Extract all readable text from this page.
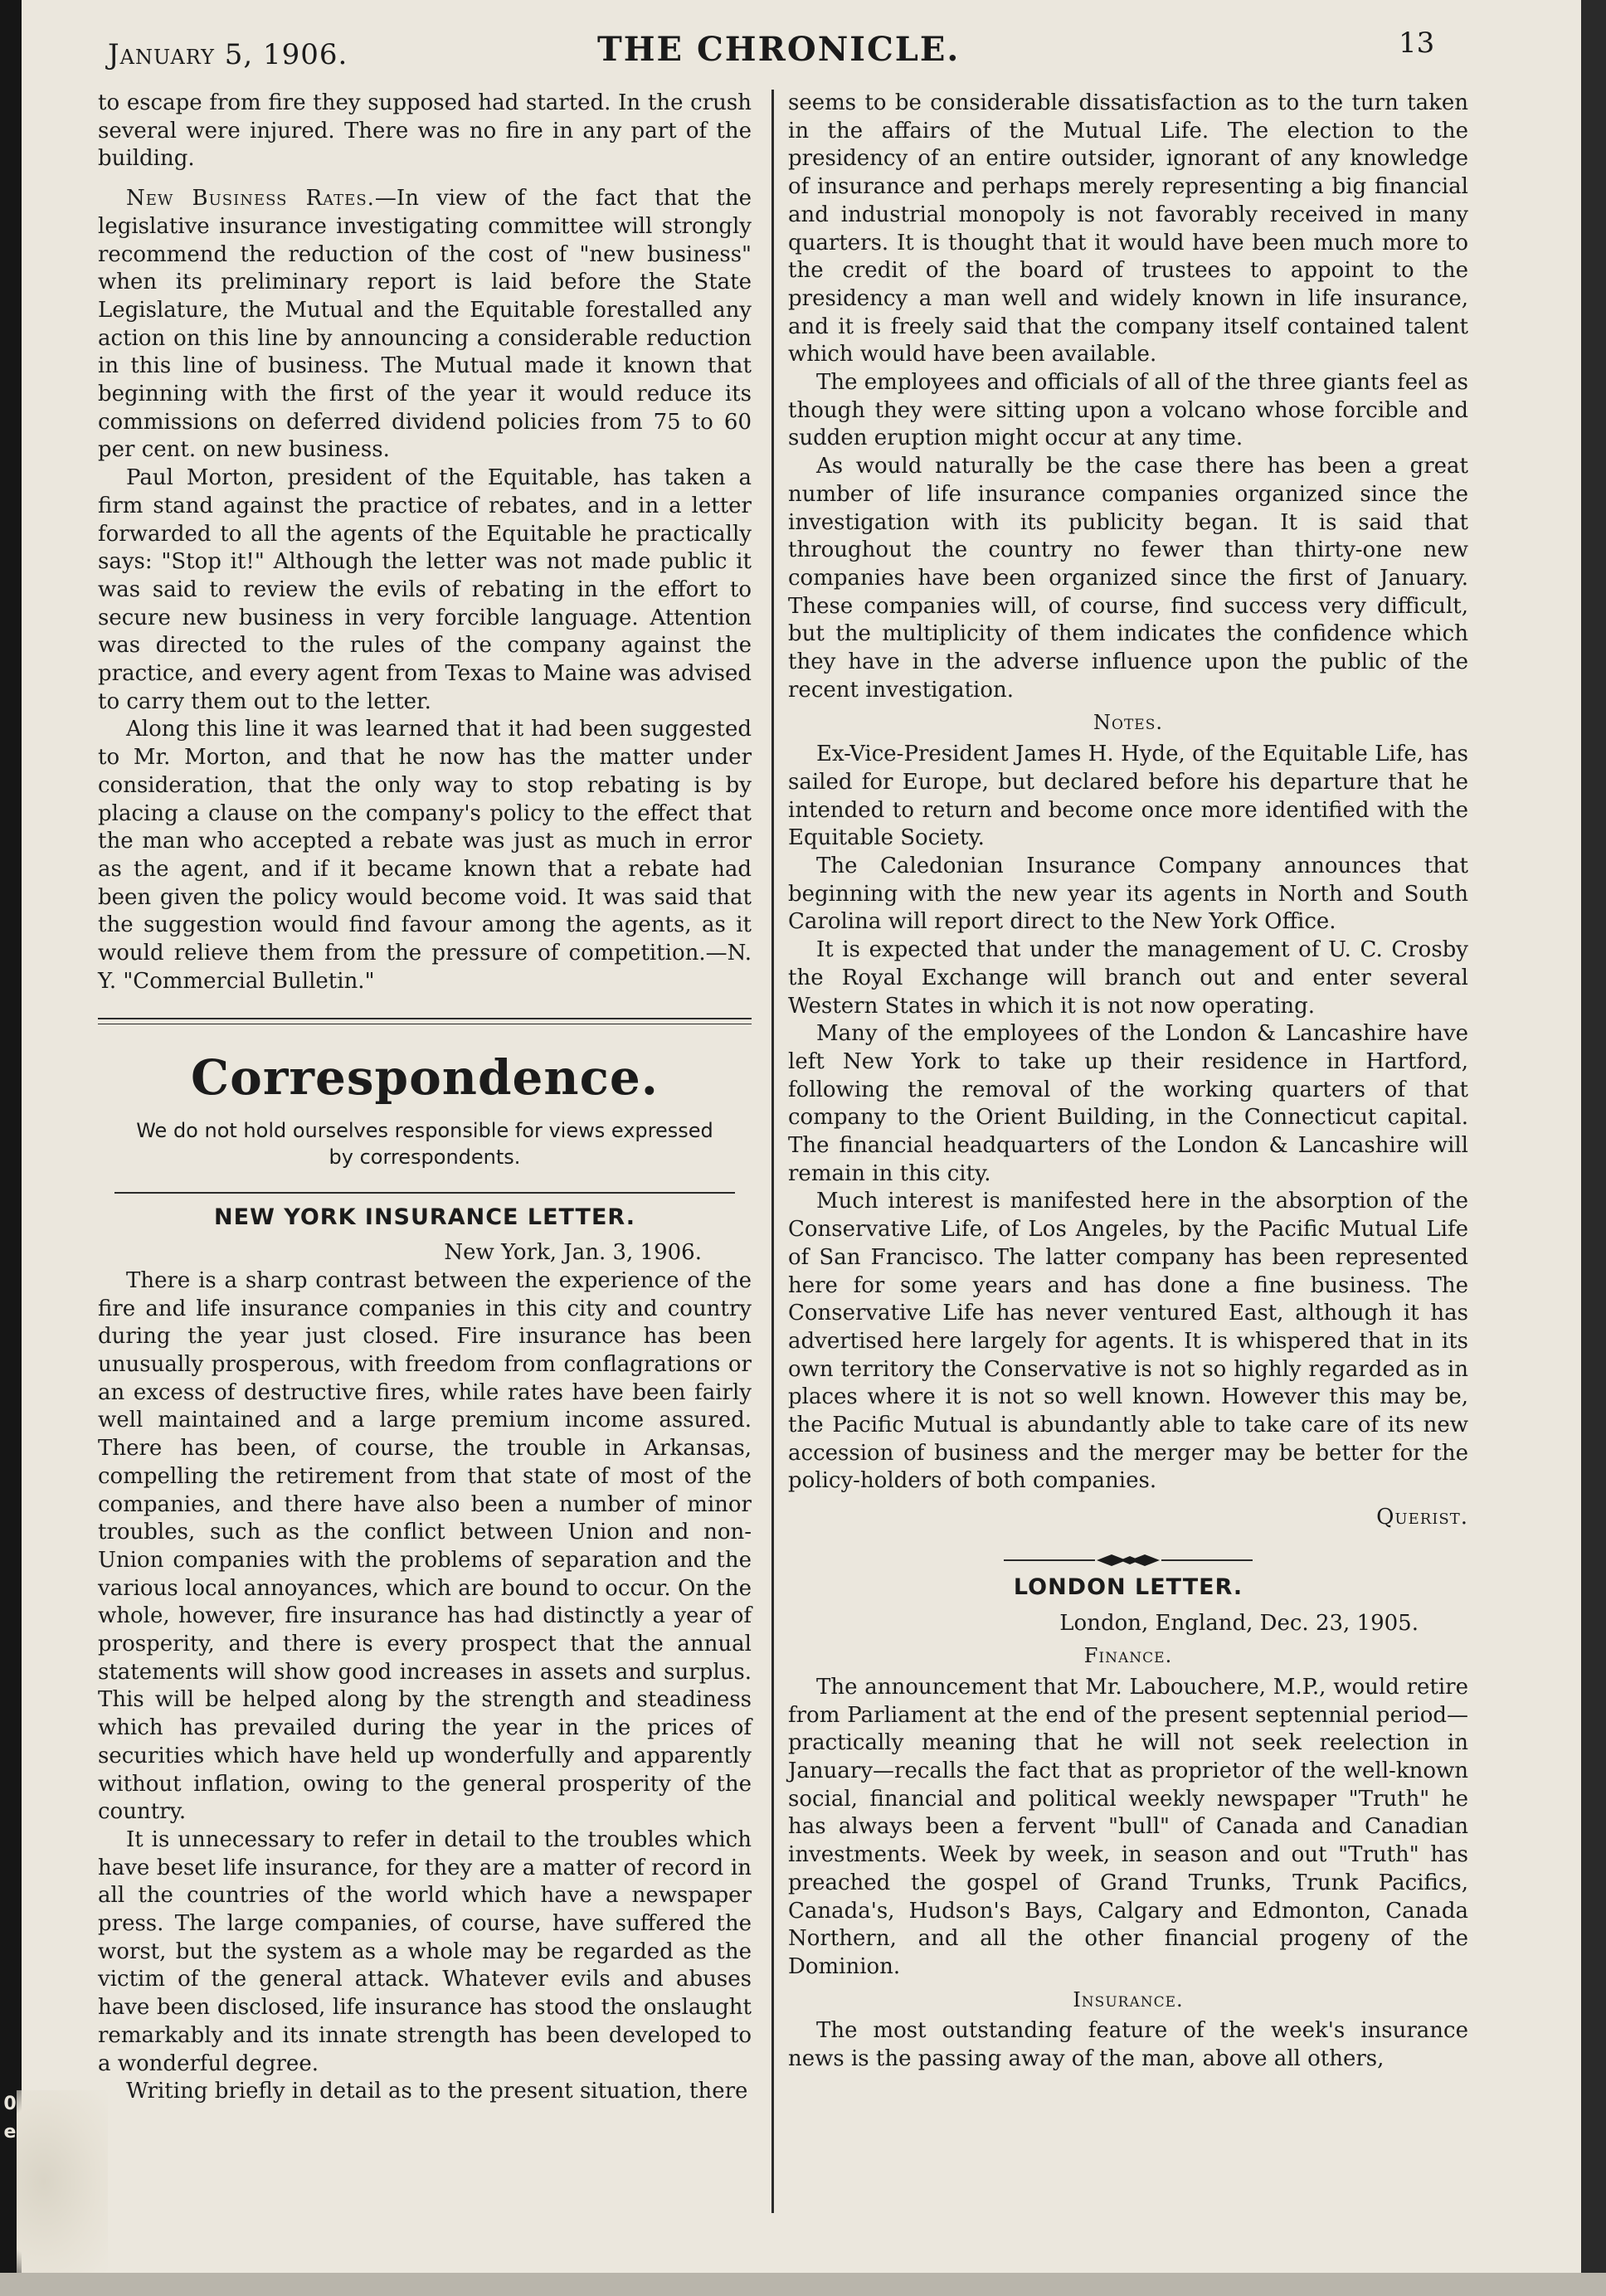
0
e
January 5, 1906.	THE CHRONICLE.	13

to escape from fire they supposed had started. In the crush several were injured. There was no fire in any part of the building.

New Business Rates.—In view of the fact that the legislative insurance investigating committee will strongly recommend the reduction of the cost of "new business" when its preliminary report is laid before the State Legislature, the Mutual and the Equitable forestalled any action on this line by announcing a considerable reduction in this line of business. The Mutual made it known that beginning with the first of the year it would reduce its commissions on deferred dividend policies from 75 to 60 per cent. on new business.

Paul Morton, president of the Equitable, has taken a firm stand against the practice of rebates, and in a letter forwarded to all the agents of the Equitable he practically says: "Stop it!" Although the letter was not made public it was said to review the evils of rebating in the effort to secure new business in very forcible language. Attention was directed to the rules of the company against the practice, and every agent from Texas to Maine was advised to carry them out to the letter.

Along this line it was learned that it had been suggested to Mr. Morton, and that he now has the matter under consideration, that the only way to stop rebating is by placing a clause on the company's policy to the effect that the man who accepted a rebate was just as much in error as the agent, and if it became known that a rebate had been given the policy would become void. It was said that the suggestion would find favour among the agents, as it would relieve them from the pressure of competition.—N. Y. "Commercial Bulletin."

Correspondence.
We do not hold ourselves responsible for views expressed
by correspondents.

NEW YORK INSURANCE LETTER.

New York, Jan. 3, 1906.

There is a sharp contrast between the experience of the fire and life insurance companies in this city and country during the year just closed. Fire insurance has been unusually prosperous, with freedom from conflagrations or an excess of destructive fires, while rates have been fairly well maintained and a large premium income assured. There has been, of course, the trouble in Arkansas, compelling the retirement from that state of most of the companies, and there have also been a number of minor troubles, such as the conflict between Union and non-Union companies with the problems of separation and the various local annoyances, which are bound to occur. On the whole, however, fire insurance has had distinctly a year of prosperity, and there is every prospect that the annual statements will show good increases in assets and surplus. This will be helped along by the strength and steadiness which has prevailed during the year in the prices of securities which have held up wonderfully and apparently without inflation, owing to the general prosperity of the country.

It is unnecessary to refer in detail to the troubles which have beset life insurance, for they are a matter of record in all the countries of the world which have a newspaper press. The large companies, of course, have suffered the worst, but the system as a whole may be regarded as the victim of the general attack. Whatever evils and abuses have been disclosed, life insurance has stood the onslaught remarkably and its innate strength has been developed to a wonderful degree.

Writing briefly in detail as to the present situation, there

seems to be considerable dissatisfaction as to the turn taken in the affairs of the Mutual Life. The election to the presidency of an entire outsider, ignorant of any knowledge of insurance and perhaps merely representing a big financial and industrial monopoly is not favorably received in many quarters. It is thought that it would have been much more to the credit of the board of trustees to appoint to the presidency a man well and widely known in life insurance, and it is freely said that the company itself contained talent which would have been available.

The employees and officials of all of the three giants feel as though they were sitting upon a volcano whose forcible and sudden eruption might occur at any time.

As would naturally be the case there has been a great number of life insurance companies organized since the investigation with its publicity began. It is said that throughout the country no fewer than thirty-one new companies have been organized since the first of January. These companies will, of course, find success very difficult, but the multiplicity of them indicates the confidence which they have in the adverse influence upon the public of the recent investigation.

Notes.

Ex-Vice-President James H. Hyde, of the Equitable Life, has sailed for Europe, but declared before his departure that he intended to return and become once more identified with the Equitable Society.

The Caledonian Insurance Company announces that beginning with the new year its agents in North and South Carolina will report direct to the New York Office.

It is expected that under the management of U. C. Crosby the Royal Exchange will branch out and enter several Western States in which it is not now operating.

Many of the employees of the London & Lancashire have left New York to take up their residence in Hartford, following the removal of the working quarters of that company to the Orient Building, in the Connecticut capital. The financial headquarters of the London & Lancashire will remain in this city.

Much interest is manifested here in the absorption of the Conservative Life, of Los Angeles, by the Pacific Mutual Life of San Francisco. The latter company has been represented here for some years and has done a fine business. The Conservative Life has never ventured East, although it has advertised here largely for agents. It is whispered that in its own territory the Conservative is not so highly regarded as in places where it is not so well known. However this may be, the Pacific Mutual is abundantly able to take care of its new accession of business and the merger may be better for the policy-holders of both companies.

Querist.

LONDON LETTER.

London, England, Dec. 23, 1905.

Finance.

The announcement that Mr. Labouchere, M.P., would retire from Parliament at the end of the present septennial period—practically meaning that he will not seek reelection in January—recalls the fact that as proprietor of the well-known social, financial and political weekly newspaper "Truth" he has always been a fervent "bull" of Canada and Canadian investments. Week by week, in season and out "Truth" has preached the gospel of Grand Trunks, Trunk Pacifics, Canada's, Hudson's Bays, Calgary and Edmonton, Canada Northern, and all the other financial progeny of the Dominion.

Insurance.

The most outstanding feature of the week's insurance news is the passing away of the man, above all others,
